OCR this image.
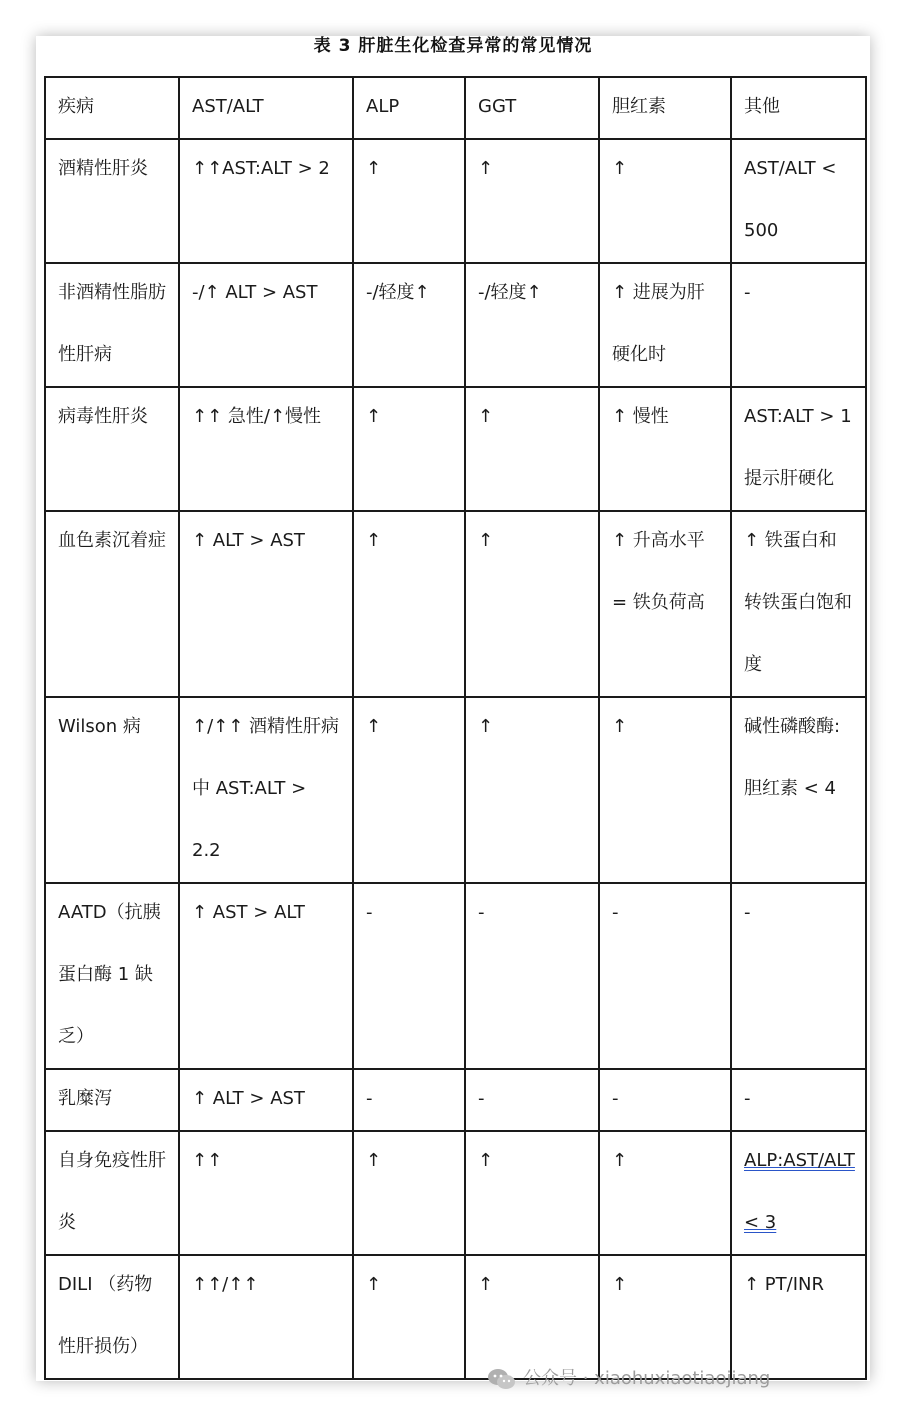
表 3 肝脏生化检查异常的常见情况
疾病	AST/ALT	ALP	GGT	胆红素	其他

酒精性肝炎	↑↑AST:ALT > 2	↑	↑	↑	AST/ALT < 500

非酒精性脂肪性肝病	-/↑ ALT > AST	-/轻度↑	-/轻度↑	↑ 进展为肝硬化时	-

病毒性肝炎	↑↑ 急性/↑慢性	↑	↑	↑ 慢性	AST:ALT > 1 提示肝硬化

血色素沉着症	↑ ALT > AST	↑	↑	↑ 升高水平 = 铁负荷高	↑ 铁蛋白和转铁蛋白饱和度

Wilson 病	↑/↑↑ 酒精性肝病中 AST:ALT > 2.2	↑	↑	↑	碱性磷酸酶:胆红素 < 4

AATD（抗胰蛋白酶 1 缺乏）	↑ AST > ALT	-	-	-	-

乳糜泻	↑ ALT > AST	-	-	-	-

自身免疫性肝炎	↑↑	↑	↑	↑	ALP:AST/ALT < 3

DILI （药物性肝损伤）	↑↑/↑↑	↑	↑	↑	↑ PT/INR
公众号 · xiaohuxiaotiaojiang
